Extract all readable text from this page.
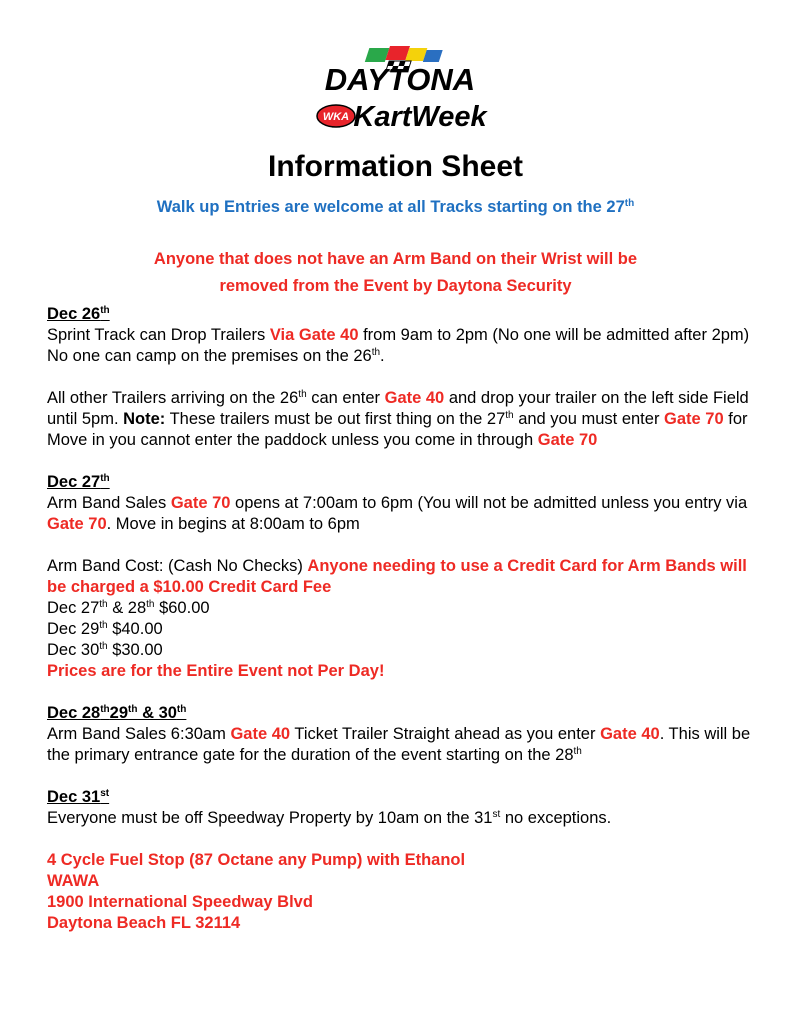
DAYTONA
WKA KartWeek
Information Sheet
Walk up Entries are welcome at all Tracks starting on the 27th
Anyone that does not have an Arm Band on their Wrist will be
removed from the Event by Daytona Security

Dec 26th

Sprint Track can Drop Trailers Via Gate 40 from 9am to 2pm (No one will be admitted after 2pm) No one can camp on the premises on the 26th.

All other Trailers arriving on the 26th can enter Gate 40 and drop your trailer on the left side Field until 5pm. Note: These trailers must be out first thing on the 27th and you must enter Gate 70 for Move in you cannot enter the paddock unless you come in through Gate 70

Dec 27th

Arm Band Sales Gate 70 opens at 7:00am to 6pm (You will not be admitted unless you entry via Gate 70. Move in begins at 8:00am to 6pm

Arm Band Cost: (Cash No Checks) Anyone needing to use a Credit Card for Arm Bands will be charged a $10.00 Credit Card Fee

Dec 27th & 28th $60.00

Dec 29th $40.00

Dec 30th $30.00

Prices are for the Entire Event not Per Day!

Dec 28th29th & 30th

Arm Band Sales 6:30am Gate 40 Ticket Trailer Straight ahead as you enter Gate 40. This will be the primary entrance gate for the duration of the event starting on the 28th

Dec 31st

Everyone must be off Speedway Property by 10am on the 31st no exceptions.

4 Cycle Fuel Stop (87 Octane any Pump) with Ethanol

WAWA

1900 International Speedway Blvd

Daytona Beach FL 32114
